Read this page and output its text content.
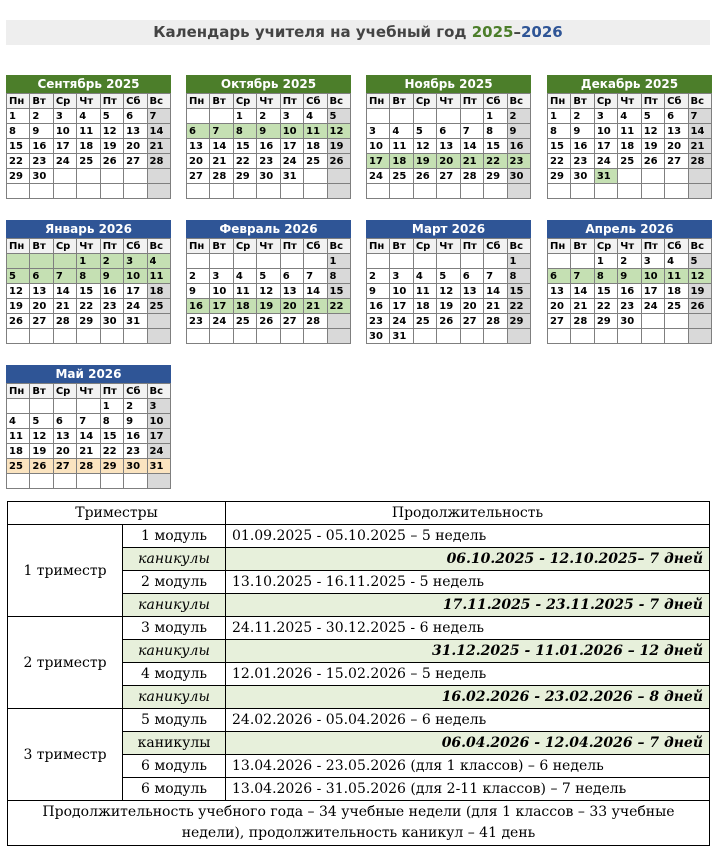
Календарь учителя на учебный год 2025–2026
Сентябрь 2025
Пн	Вт	Ср	Чт	Пт	Сб	Вс
1	2	3	4	5	6	7
8	9	10	11	12	13	14
15	16	17	18	19	20	21
22	23	24	25	26	27	28
29	30					

Октябрь 2025
Пн	Вт	Ср	Чт	Пт	Сб	Вс
		1	2	3	4	5
6	7	8	9	10	11	12
13	14	15	16	17	18	19
20	21	22	23	24	25	26
27	28	29	30	31		

Ноябрь 2025
Пн	Вт	Ср	Чт	Пт	Сб	Вс
					1	2
3	4	5	6	7	8	9
10	11	12	13	14	15	16
17	18	19	20	21	22	23
24	25	26	27	28	29	30

Декабрь 2025
Пн	Вт	Ср	Чт	Пт	Сб	Вс
1	2	3	4	5	6	7
8	9	10	11	12	13	14
15	16	17	18	19	20	21
22	23	24	25	26	27	28
29	30	31				

Январь 2026
Пн	Вт	Ср	Чт	Пт	Сб	Вс
			1	2	3	4
5	6	7	8	9	10	11
12	13	14	15	16	17	18
19	20	21	22	23	24	25
26	27	28	29	30	31	

Февраль 2026
Пн	Вт	Ср	Чт	Пт	Сб	Вс
						1
2	3	4	5	6	7	8
9	10	11	12	13	14	15
16	17	18	19	20	21	22
23	24	25	26	27	28	

Март 2026
Пн	Вт	Ср	Чт	Пт	Сб	Вс
						1
2	3	4	5	6	7	8
9	10	11	12	13	14	15
16	17	18	19	20	21	22
23	24	25	26	27	28	29
30	31					
Апрель 2026
Пн	Вт	Ср	Чт	Пт	Сб	Вс
		1	2	3	4	5
6	7	8	9	10	11	12
13	14	15	16	17	18	19
20	21	22	23	24	25	26
27	28	29	30			

Май 2026
Пн	Вт	Ср	Чт	Пт	Сб	Вс
				1	2	3
4	5	6	7	8	9	10
11	12	13	14	15	16	17
18	19	20	21	22	23	24
25	26	27	28	29	30	31

Триместры		Продолжительность
1 триместр	1 модуль	01.09.2025 - 05.10.2025 – 5 недель
	каникулы	06.10.2025 - 12.10.2025– 7 дней
	2 модуль	13.10.2025 - 16.11.2025 - 5 недель
	каникулы	17.11.2025 - 23.11.2025 - 7 дней
2 триместр	3 модуль	24.11.2025 - 30.12.2025 - 6 недель
	каникулы	31.12.2025 - 11.01.2026 – 12 дней
	4 модуль	12.01.2026 - 15.02.2026 – 5 недель
	каникулы	16.02.2026 - 23.02.2026 – 8 дней
3 триместр	5 модуль	24.02.2026 - 05.04.2026 – 6 недель
	каникулы	06.04.2026 - 12.04.2026 – 7 дней
	6 модуль	13.04.2026 - 23.05.2026 (для 1 классов) – 6 недель
	6 модуль	13.04.2026 - 31.05.2026 (для 2-11 классов) – 7 недель
Продолжительность учебного года – 34 учебные недели (для 1 классов – 33 учебные недели), продолжительность каникул – 41 день		
